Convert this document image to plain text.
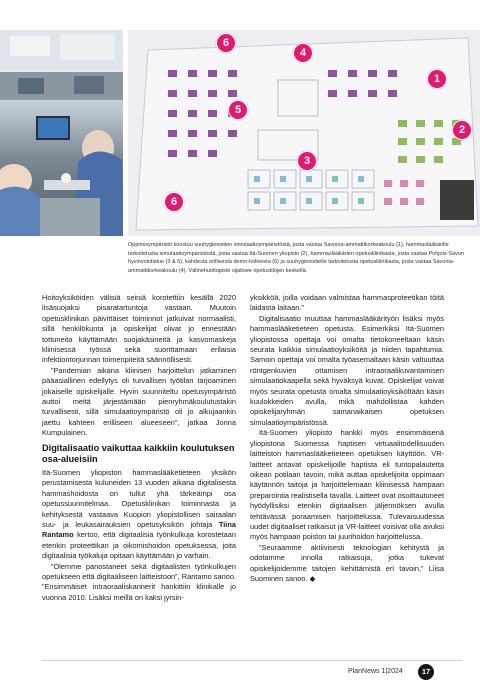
1
2
3
4
5
6
6
Oppimisympäristö koostuu suuhygienistien simulaatioympäristöstä, josta vastaa Savonia-ammattikorkeakoulu (1), hammaslääkärille tarkoitetusta simulaatioympäristöstä, josta vastaa Itä-Suomen yliopisto (2), hammaslääkärien opetusklinikasta, josta vastaa Pohjois-Savon hyvinvointialue (3 & 5), kahdesta erillisestä demo-holkeista (6) ja suuhygienistielle tarkoitetusta opetusklinikasta, josta vastaa Savonia-ammattikorkeakoulu (4). Välinehuoltopiste sijaitsee opetustilojen keskellä.

Hoitoyksiköiden välisiä seiniä korotettiin kesällä 2020 lisäsuojaksi pisaratartuntoja vastaan. Muutoin opetusklinikan päivittäiset toiminnot jatkuivat normaalisti, sillä henkilökunta ja opiskelijat olivat jo ennestään tottuneita käyttämään suojakäsineitä ja kasvomaskeja kliinisessä työssä sekä suorittamaan erilaisia infektiontorjunnan toimenpiteitä säännöllisesti.

”Pandemian aikana kliinisen harjoittelun jatkaminen pääasiallinen edellytys oli turvallisen työtilan tarjoaminen jokaiselle opiskelijalle. Hyvin suunniteltu opetusympäristö auttoi meitä järjestämään pienryhmäkoulutustakin turvallisesti, sillä simulaatioympäristö oli jo alkujaankin jaettu kahteen erilliseen alueeseen”, jatkaa Jonna Kumpulainen.

Digitalisaatio vaikuttaa kaikkiin koulutuksen osa-alueisiin

Itä-Suomen yliopiston hammaslääketieteen yksikön perustamisesta kuluneiden 13 vuoden aikana digitalisesta hammashoidosta on tullut yhä tärkeämpi osa opetussuunnitelmaa. Opetusklinikan toiminnasta ja kehityksestä vastaava Kuopion yliopistollisen sairaalan suu- ja leukasairauksien opetusyksikön johtaja Tiina Rantamo kertoo, että digitaalisia työnkulkuja korostetaan etenkin proteettikan ja oikomishoidon opetuksessa, joita digitaalisia työkaluja opitaan käyttämään jo varhain.

”Olemme panostaneet sekä digitaalisten työnkulkujen opetukseen että digitaaliseen laitteistoon”, Rantamo sanoo. ”Ensimmäiset intraoraaliskannerit hankittiin klinikalle jo vuonna 2010. Lisäksi meillä on kaksi jyrsin-

yksikköä, joilla voidaan valmistaa hammasproteetikan töitä laidasta laitaan.”

Digitalisaatio muuttaa hammaslääkärityön lisäksi myös hammaslääketieteen opetusta. Esimerkiksi Itä-Suomen yliopistossa opettaja voi omalta tietokoneeltaan käsin seurata kaikkia simulaatioyksiköitä ja niiden tapahtumia. Samoin opettaja voi omalta työasemaltaan käsin valtuuttaa röntgenkuvien ottamisen intraoraalikuvantamisen simulaatiokaapella sekä hyväksyä kuvat. Opiskelijat voivat myös seurata opetusta omalta simulaatioyksiköltään käsin kuulokkeiden avulla, mikä mahdollistaa kahden opiskelijaryhmän samanaikaisen opetuksen simulaatioympäristössä.

Itä-Suomen yliopisto hankki myös ensimmäisenä yliopistona Suomessa haptisen virtuaalitodellisuuden laitteiston hammaslääketieteen opetuksen käyttöön. VR-laitteet antavat opiskelijoille haptista eli tuntopalautetta oikean potilaan tavoin, mikä auttaa opiskelijoita oppimaan käytännön taitoja ja harjoittelemaan kliinisessä hampaan preparointia realistisella tavalla. Laitteet ovat osoittautuneet hyödyllisiksi etenkin digitaalisen jäljennöksen avulla tehtävässä poraamisen harjoittelussa. Tulevaisuudessa uudet digitaaliset ratkaisut ja VR-laitteet voisivat olla avuksi myös hampaan poiston tai juurihoidon harjoittelussa.

”Seuraamme aktiivisesti teknologian kehitystä ja odotamme innolla ratkaisuja, jotka tukevat opiskelijoidemme taitojen kehittämistä eri tavoin,” Liisa Suominen sanoo. ◆

PlanNews 1|2024	17
